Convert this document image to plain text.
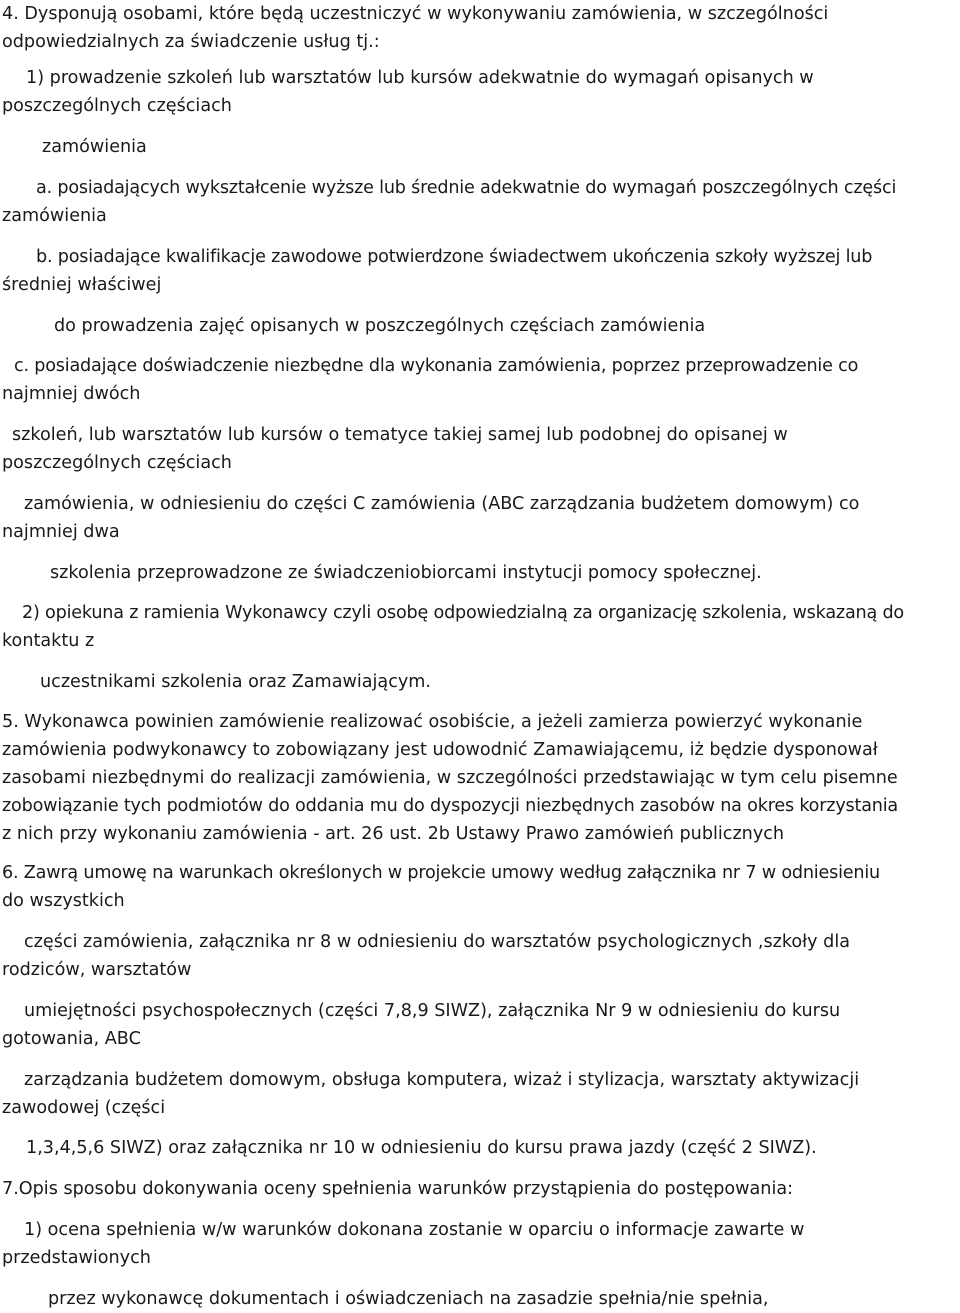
4. Dysponują osobami, które będą uczestniczyć w wykonywaniu zamówienia, w szczególności

odpowiedzialnych za świadczenie usług tj.:

1) prowadzenie szkoleń lub warsztatów lub kursów adekwatnie do wymagań opisanych w

poszczególnych częściach

zamówienia

a. posiadających wykształcenie wyższe lub średnie adekwatnie do wymagań poszczególnych części

zamówienia

b. posiadające kwalifikacje zawodowe potwierdzone świadectwem ukończenia szkoły wyższej lub

średniej właściwej

do prowadzenia zajęć opisanych w poszczególnych częściach zamówienia

c. posiadające doświadczenie niezbędne dla wykonania zamówienia, poprzez przeprowadzenie co

najmniej dwóch

szkoleń, lub warsztatów lub kursów o tematyce takiej samej lub podobnej do opisanej w

poszczególnych częściach

zamówienia, w odniesieniu do części C zamówienia (ABC zarządzania budżetem domowym) co

najmniej dwa

szkolenia przeprowadzone ze świadczeniobiorcami instytucji pomocy społecznej.

2) opiekuna z ramienia Wykonawcy czyli osobę odpowiedzialną za organizację szkolenia, wskazaną do

kontaktu z

uczestnikami szkolenia oraz Zamawiającym.

5. Wykonawca powinien zamówienie realizować osobiście, a jeżeli zamierza powierzyć wykonanie

zamówienia podwykonawcy to zobowiązany jest udowodnić Zamawiającemu, iż będzie dysponował

zasobami niezbędnymi do realizacji zamówienia, w szczególności przedstawiając w tym celu pisemne

zobowiązanie tych podmiotów do oddania mu do dyspozycji niezbędnych zasobów na okres korzystania

z nich przy wykonaniu zamówienia - art. 26 ust. 2b Ustawy Prawo zamówień publicznych

6. Zawrą umowę na warunkach określonych w projekcie umowy według załącznika nr 7 w odniesieniu

do wszystkich

części zamówienia, załącznika nr 8 w odniesieniu do warsztatów psychologicznych ,szkoły dla

rodziców, warsztatów

umiejętności psychospołecznych (części 7,8,9 SIWZ), załącznika Nr 9 w odniesieniu do kursu

gotowania, ABC

zarządzania budżetem domowym, obsługa komputera, wizaż i stylizacja, warsztaty aktywizacji

zawodowej (części

1,3,4,5,6 SIWZ) oraz załącznika nr 10 w odniesieniu do kursu prawa jazdy (część 2 SIWZ).

7.Opis sposobu dokonywania oceny spełnienia warunków przystąpienia do postępowania:

1) ocena spełnienia w/w warunków dokonana zostanie w oparciu o informacje zawarte w

przedstawionych

przez wykonawcę dokumentach i oświadczeniach na zasadzie spełnia/nie spełnia,
